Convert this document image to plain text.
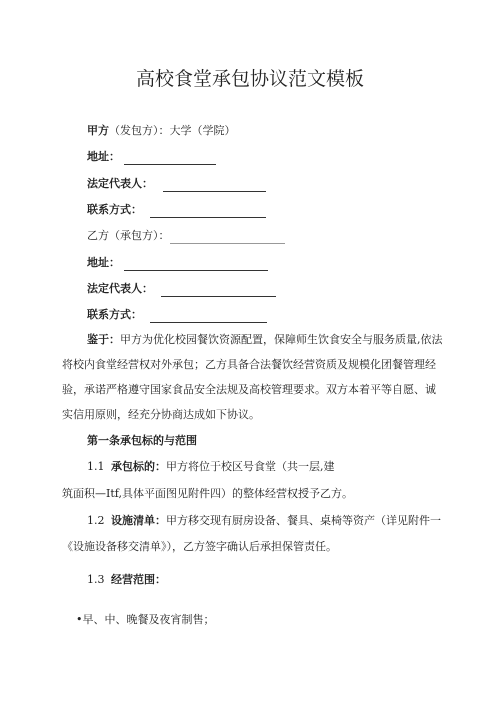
高校食堂承包协议范文模板
甲方（发包方）：大学（学院）
地址：
法定代表人：
联系方式：
乙方（承包方）：
地址：
法定代表人：
联系方式：
鉴于：甲方为优化校园餐饮资源配置，保障师生饮食安全与服务质量,依法
将校内食堂经营权对外承包；乙方具备合法餐饮经营资质及规模化团餐管理经
验，承诺严格遵守国家食品安全法规及高校管理要求。双方本着平等自愿、诚
实信用原则，经充分协商达成如下协议。
第一条承包标的与范围
1.1 承包标的：甲方将位于校区号食堂（共一层,建
筑面积—Itf,具体平面图见附件四）的整体经营权授予乙方。
1.2 设施清单：甲方移交现有厨房设备、餐具、桌椅等资产（详见附件一
《设施设备移交清单》），乙方签字确认后承担保管责任。
1.3 经营范围：
•早、中、晚餐及夜宵制售；
